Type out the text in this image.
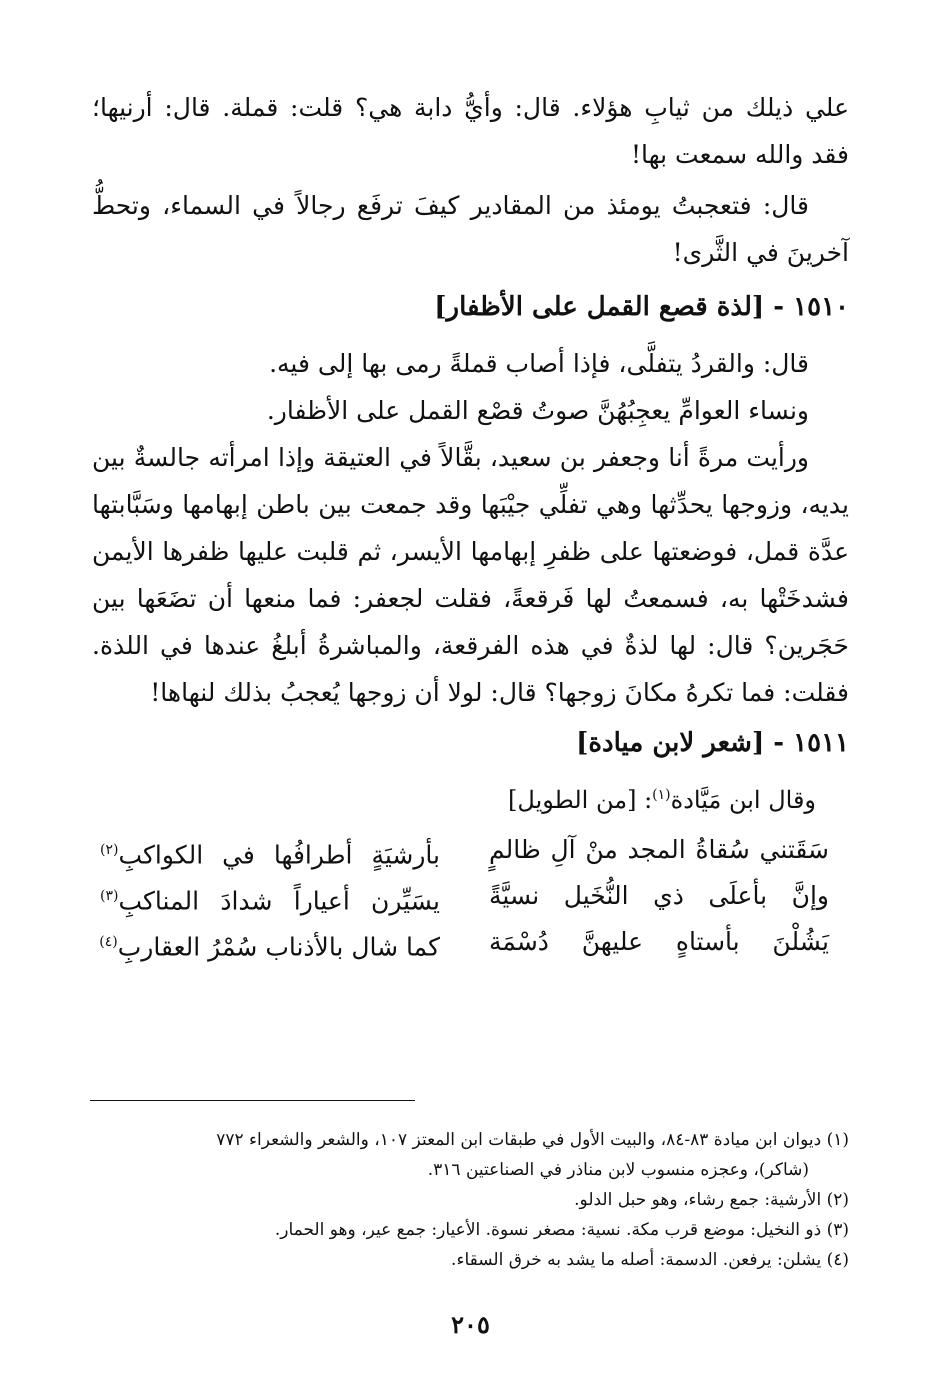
علي ذيلك من ثيابِ هؤلاء. قال: وأيُّ دابة هي؟ قلت: قملة. قال: أرنيها؛ فقد والله سمعت بها!

قال: فتعجبتُ يومئذ من المقادير كيفَ ترفَع رجالاً في السماء، وتحطُّ آخرينَ في الثَّرى!

١٥١٠ - [لذة قصع القمل على الأظفار]

قال: والقردُ يتفلَّى، فإذا أصاب قملةً رمى بها إلى فيه.

ونساء العوامِّ يعجِبُهُنَّ صوتُ قصْع القمل على الأظفار.

ورأيت مرةً أنا وجعفر بن سعيد، بقَّالاً في العتيقة وإذا امرأته جالسةٌ بين يديه، وزوجها يحدِّثها وهي تفلِّي جيْبَها وقد جمعت بين باطن إبهامها وسَبَّابتها عدَّة قمل، فوضعتها على ظفرِ إبهامها الأيسر، ثم قلبت عليها ظفرها الأيمن فشدخَتْها به، فسمعتُ لها فَرقعةً، فقلت لجعفر: فما منعها أن تضَعَها بين حَجَرين؟ قال: لها لذةٌ في هذه الفرقعة، والمباشرةُ أبلغُ عندها في اللذة. فقلت: فما تكرهُ مكانَ زوجها؟ قال: لولا أن زوجها يُعجبُ بذلك لنهاها!

١٥١١ - [شعر لابن ميادة]
وقال ابن مَيَّادة$^{(١)}$: [من الطويل]
سَقَتني سُقاةُ المجد منْ آلِ ظالمٍ
بأرشيَةٍ أطرافُها في الكواكبِ$^{(٢)}$
وإنَّ بأعلَى ذي النُّخَيل نسيَّةً
يسَيِّرن أعياراً شدادَ المناكبِ$^{(٣)}$
يَشُلْنَ بأستاهٍ عليهنَّ دُسْمَة
كما شال بالأذناب سُمْرُ العقاربِ$^{(٤)}$

(١) ديوان ابن ميادة ٨٣-٨٤، والبيت الأول في طبقات ابن المعتز ١٠٧، والشعر والشعراء ٧٧٢

(شاكر)، وعجزه منسوب لابن مناذر في الصناعتين ٣١٦.

(٢) الأرشية: جمع رشاء، وهو حبل الدلو.

(٣) ذو النخيل: موضع قرب مكة. نسية: مصغر نسوة. الأعيار: جمع عير، وهو الحمار.

(٤) يشلن: يرفعن. الدسمة: أصله ما يشد به خرق السقاء.

٢٠٥
